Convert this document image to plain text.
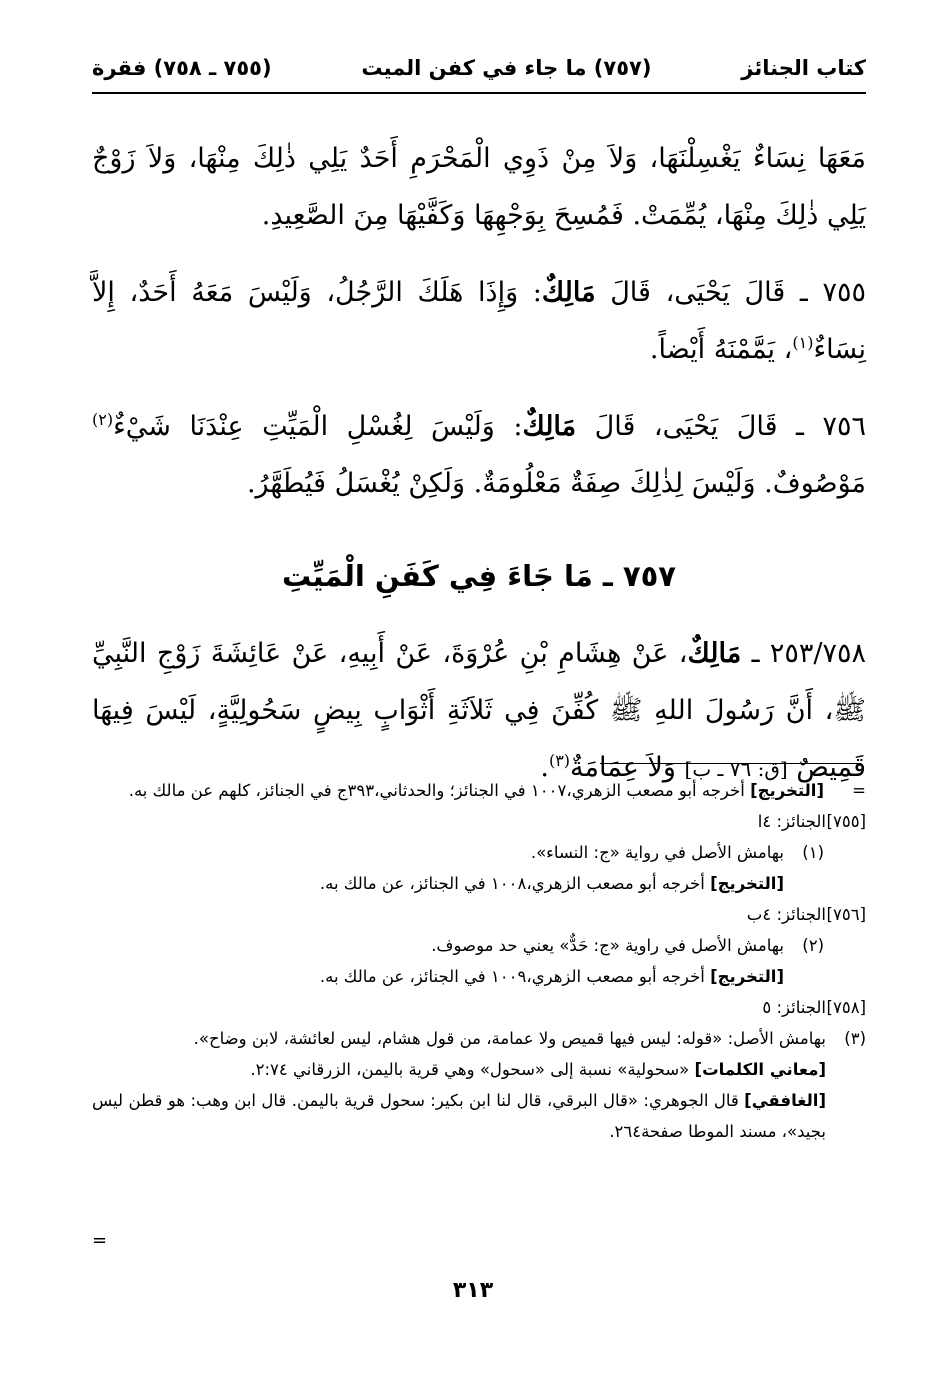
كتاب الجنائز
(٧٥٧) ما جاء في كفن الميت
(٧٥٥ ـ ٧٥٨) فقرة

مَعَهَا نِسَاءٌ يَغْسِلْنَهَا، وَلاَ مِنْ ذَوِي الْمَحْرَمِ أَحَدٌ يَلِي ذٰلِكَ مِنْهَا، وَلاَ زَوْجٌ يَلِي ذٰلِكَ مِنْهَا، يُمِّمَتْ. فَمُسِحَ بِوَجْهِهَا وَكَفَّيْهَا مِنَ الصَّعِيدِ.

٧٥٥ ـ قَالَ يَحْيَى، قَالَ مَالِكٌ: وَإِذَا هَلَكَ الرَّجُلُ، وَلَيْسَ مَعَهُ أَحَدٌ، إِلاَّ نِسَاءٌ$^{(١)}$، يَمَّمْنَهُ أَيْضاً.

٧٥٦ ـ قَالَ يَحْيَى، قَالَ مَالِكٌ: وَلَيْسَ لِغُسْلِ الْمَيِّتِ عِنْدَنَا شَيْءٌ$^{(٢)}$ مَوْصُوفٌ. وَلَيْسَ لِذٰلِكَ صِفَةٌ مَعْلُومَةٌ. وَلَكِنْ يُغْسَلُ فَيُطَهَّرُ.

٧٥٧ ـ مَا جَاءَ فِي كَفَنِ الْمَيِّتِ

٢٥٣/٧٥٨ ـ مَالِكٌ، عَنْ هِشَامِ بْنِ عُرْوَةَ، عَنْ أَبِيهِ، عَنْ عَائِشَةَ زَوْجِ النَّبِيِّ ﷺ، أَنَّ رَسُولَ اللهِ ﷺ كُفِّنَ فِي ثَلاَثَةِ أَثْوَابٍ بِيضٍ سَحُولِيَّةٍ، لَيْسَ فِيهَا قَمِيصٌ [ق: ٧٦ ـ ب] وَلاَ عِمَامَةٌ$^{(٣)}$.

=
[التخريج] أخرجه أبو مصعب الزهري،١٠٠٧ في الجنائز؛ والحدثاني،٣٩٣ج في الجنائز، كلهم عن مالك به.
[٧٥٥]
الجنائز: ٤ا
(١)
بهامش الأصل في رواية «ج: النساء».
[التخريج] أخرجه أبو مصعب الزهري،١٠٠٨ في الجنائز، عن مالك به.
[٧٥٦]
الجنائز: ٤ب
(٢)
بهامش الأصل في راوية «ج: حَدٌّ» يعني حد موصوف.
[التخريج] أخرجه أبو مصعب الزهري،١٠٠٩ في الجنائز، عن مالك به.
[٧٥٨]
الجنائز: ٥
(٣)
بهامش الأصل: «قوله: ليس فيها قميص ولا عمامة، من قول هشام، ليس لعائشة، لابن وضاح».
[معاني الكلمات] «سحولية» نسبة إلى «سحول» وهي قرية باليمن، الزرقاني ٢:٧٤.
[الغافقي] قال الجوهري: «قال البرقي، قال لنا ابن بكير: سحول قرية باليمن. قال ابن وهب: هو قطن ليس بجيد»، مسند الموطا صفحة٢٦٤.
=
٣١٣
